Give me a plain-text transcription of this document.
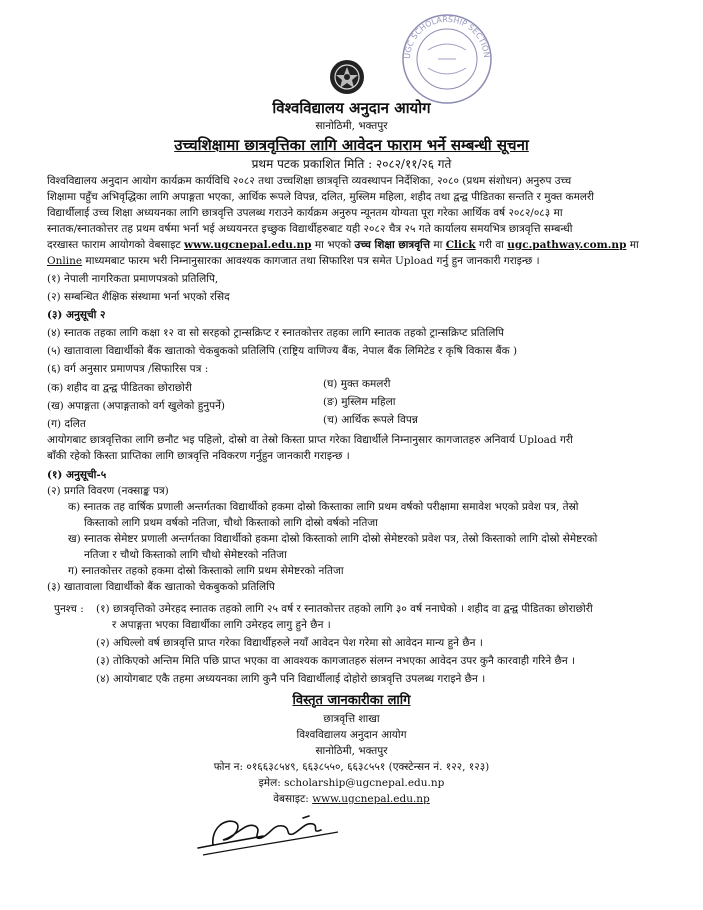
UGC SCHOLARSHIP SECTION
विश्वविद्यालय अनुदान आयोग
सानोठिमी, भक्तपुर
उच्चशिक्षामा छात्रवृत्तिका लागि आवेदन फाराम भर्ने सम्बन्धी सूचना
प्रथम पटक प्रकाशित मिति : २०८२/११/२६ गते
विश्वविद्यालय अनुदान आयोग कार्यक्रम कार्यविधि २०८२ तथा उच्चशिक्षा छात्रवृत्ति व्यवस्थापन निर्देशिका, २०८० (प्रथम संशोधन) अनुरुप उच्च
शिक्षामा पहुँच अभिवृद्धिका लागि अपाङ्गता भएका, आर्थिक रूपले विपन्न, दलित, मुस्लिम महिला, शहीद तथा द्वन्द्व पीडितका सन्तति र मुक्त कमलरी
विद्यार्थीलाई उच्च शिक्षा अध्ययनका लागि छात्रवृत्ति उपलब्ध गराउने कार्यक्रम अनुरुप न्यूनतम योग्यता पूरा गरेका आर्थिक वर्ष २०८२/०८३ मा
स्नातक/स्नातकोत्तर तह प्रथम वर्षमा भर्ना भई अध्ययनरत इच्छुक विद्यार्थीहरुबाट यही २०८२ चैत्र २५ गते कार्यालय समयभित्र छात्रवृत्ति सम्बन्धी
दरखास्त फाराम आयोगको वेबसाइट www.ugcnepal.edu.np मा भएको उच्च शिक्षा छात्रवृत्ति मा Click गरी वा ugc.pathway.com.np मा
Online माध्यमबाट फारम भरी निम्नानुसारका आवश्यक कागजात तथा सिफारिश पत्र समेत Upload गर्नु हुन जानकारी गराइन्छ ।
(१) नेपाली नागरिकता प्रमाणपत्रको प्रतिलिपि,
(२) सम्बन्धित शैक्षिक संस्थामा भर्ना भएको रसिद
(३) अनुसूची २
(४) स्नातक तहका लागि कक्षा १२ वा सो सरहको ट्रान्सक्रिप्ट र स्नातकोत्तर तहका लागि स्नातक तहको ट्रान्सक्रिप्ट प्रतिलिपि
(५) खातावाला विद्यार्थीको बैंक खाताको चेकबुकको प्रतिलिपि (राष्ट्रिय वाणिज्य बैंक, नेपाल बैंक लिमिटेड र कृषि विकास बैंक )
(६) वर्ग अनुसार प्रमाणपत्र /सिफारिस पत्र :
(क) शहीद वा द्वन्द्व पीडितका छोराछोरी
(ख) अपाङ्गता (अपाङ्गताको वर्ग खुलेको हुनुपर्ने)
(ग) दलित
(घ) मुक्त कमलरी
(ङ) मुस्लिम महिला
(च) आर्थिक रूपले विपन्न
आयोगबाट छात्रवृत्तिका लागि छनौट भइ पहिलो, दोस्रो वा तेस्रो किस्ता प्राप्त गरेका विद्यार्थीले निम्नानुसार कागजातहरु अनिवार्य Upload गरी
बाँकी रहेको किस्ता प्राप्तिका लागि छात्रवृत्ति नविकरण गर्नुहुन जानकारी गराइन्छ ।
(१) अनुसूची-५
(२) प्रगति विवरण (नक्साङ्क पत्र)
क) स्नातक तह वार्षिक प्रणाली अन्तर्गतका विद्यार्थीको हकमा दोस्रो किस्ताका लागि प्रथम वर्षको परीक्षामा समावेश भएको प्रवेश पत्र, तेस्रो
किस्ताको लागि प्रथम वर्षको नतिजा, चौथो किस्ताको लागि दोस्रो वर्षको नतिजा
ख) स्नातक सेमेष्टर प्रणाली अन्तर्गतका विद्यार्थीको हकमा दोस्रो किस्ताको लागि दोस्रो सेमेष्टरको प्रवेश पत्र, तेस्रो किस्ताको लागि दोस्रो सेमेष्टरको
नतिजा र चौथो किस्ताको लागि चौथो सेमेष्टरको नतिजा
ग) स्नातकोत्तर तहको हकमा दोस्रो किस्ताको लागि प्रथम सेमेष्टरको नतिजा
(३) खातावाला विद्यार्थीको बैंक खाताको चेकबुकको प्रतिलिपि
पुनश्च : (१) छात्रवृत्तिको उमेरहद स्नातक तहको लागि २५ वर्ष र स्नातकोत्तर तहको लागि ३० वर्ष ननाघेको । शहीद वा द्वन्द्व पीडितका छोराछोरी
र अपाङ्गता भएका विद्यार्थीका लागि उमेरहद लागु हुने छैन ।
(२) अघिल्लो वर्ष छात्रवृत्ति प्राप्त गरेका विद्यार्थीहरुले नयाँ आवेदन पेश गरेमा सो आवेदन मान्य हुने छैन ।
(३) तोकिएको अन्तिम मिति पछि प्राप्त भएका वा आवश्यक कागजातहरु संलग्न नभएका आवेदन उपर कुनै कारवाही गरिने छैन ।
(४) आयोगबाट एकै तहमा अध्ययनका लागि कुनै पनि विद्यार्थीलाई दोहोरो छात्रवृत्ति उपलब्ध गराइने छैन ।
विस्तृत जानकारीका लागि
छात्रवृत्ति शाखा
विश्वविद्यालय अनुदान आयोग
सानोठिमी, भक्तपुर
फोन न: ०१६६३८५४९, ६६३८५५०, ६६३८५५१ (एक्स्टेन्सन नं. १२२, १२३)
इमेल: scholarship@ugcnepal.edu.np
वेबसाइट: www.ugcnepal.edu.np
